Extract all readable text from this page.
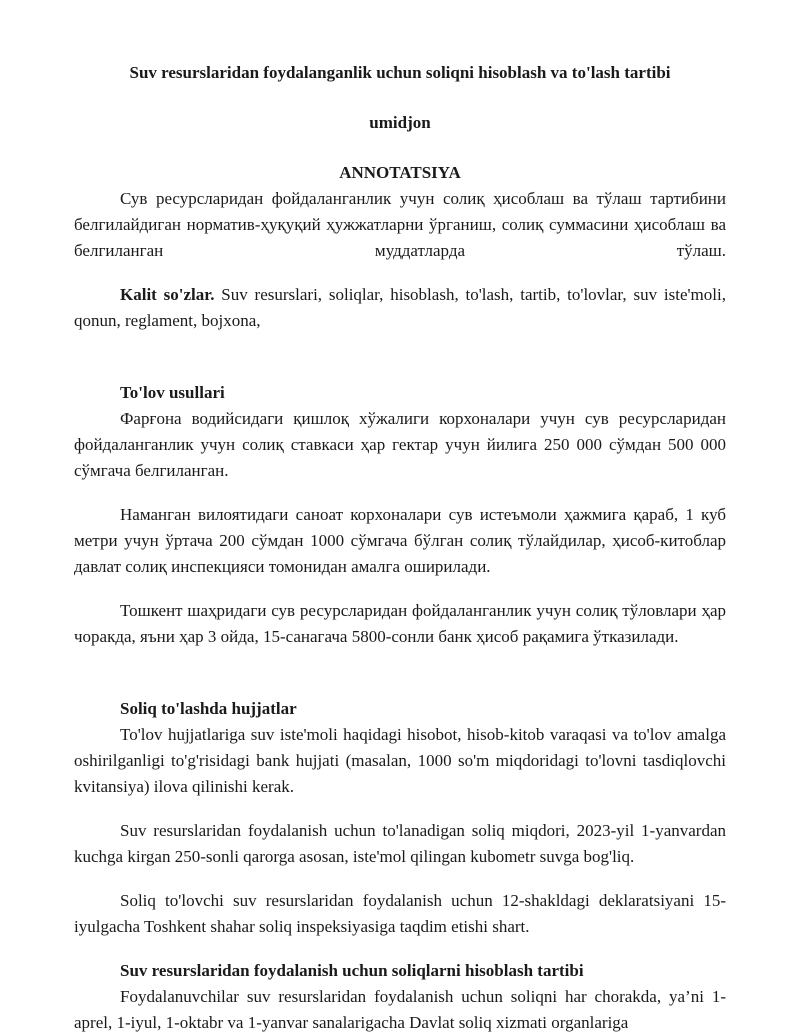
Suv resurslaridan foydalanganlik uchun soliqni hisoblash va to'lash tartibi

umidjon

ANNOTATSIYA

Сув ресурсларидан фойдаланганлик учун солиқ ҳисоблаш ва тўлаш тартибини белгилайдиган норматив-ҳуқуқий ҳужжатларни ўрганиш, солиқ суммасини ҳисоблаш ва белгиланган муддатларда тўлаш.

Kalit so'zlar. Suv resurslari, soliqlar, hisoblash, to'lash, tartib, to'lovlar, suv iste'moli, qonun, reglament, bojxona,

To'lov usullari

Фарғона водийсидаги қишлоқ хўжалиги корхоналари учун сув ресурсларидан фойдаланганлик учун солиқ ставкаси ҳар гектар учун йилига 250 000 сўмдан 500 000 сўмгача белгиланган.

Наманган вилоятидаги саноат корхоналари сув истеъмоли ҳажмига қараб, 1 куб метри учун ўртача 200 сўмдан 1000 сўмгача бўлган солиқ тўлайдилар, ҳисоб-китоблар давлат солиқ инспекцияси томонидан амалга оширилади.

Тошкент шаҳридаги сув ресурсларидан фойдаланганлик учун солиқ тўловлари ҳар чоракда, яъни ҳар 3 ойда, 15-санагача 5800-сонли банк ҳисоб рақамига ўтказилади.

Soliq to'lashda hujjatlar

To'lov hujjatlariga suv iste'moli haqidagi hisobot, hisob-kitob varaqasi va to'lov amalga oshirilganligi to'g'risidagi bank hujjati (masalan, 1000 so'm miqdoridagi to'lovni tasdiqlovchi kvitansiya) ilova qilinishi kerak.

Suv resurslaridan foydalanish uchun to'lanadigan soliq miqdori, 2023-yil 1-yanvardan kuchga kirgan 250-sonli qarorga asosan, iste'mol qilingan kubometr suvga bog'liq.

Soliq to'lovchi suv resurslaridan foydalanish uchun 12-shakldagi deklaratsiyani 15-iyulgacha Toshkent shahar soliq inspeksiyasiga taqdim etishi shart.

Suv resurslaridan foydalanish uchun soliqlarni hisoblash tartibi

Foydalanuvchilar suv resurslaridan foydalanish uchun soliqni har chorakda, ya’ni 1-aprel, 1-iyul, 1-oktabr va 1-yanvar sanalarigacha Davlat soliq xizmati organlariga
